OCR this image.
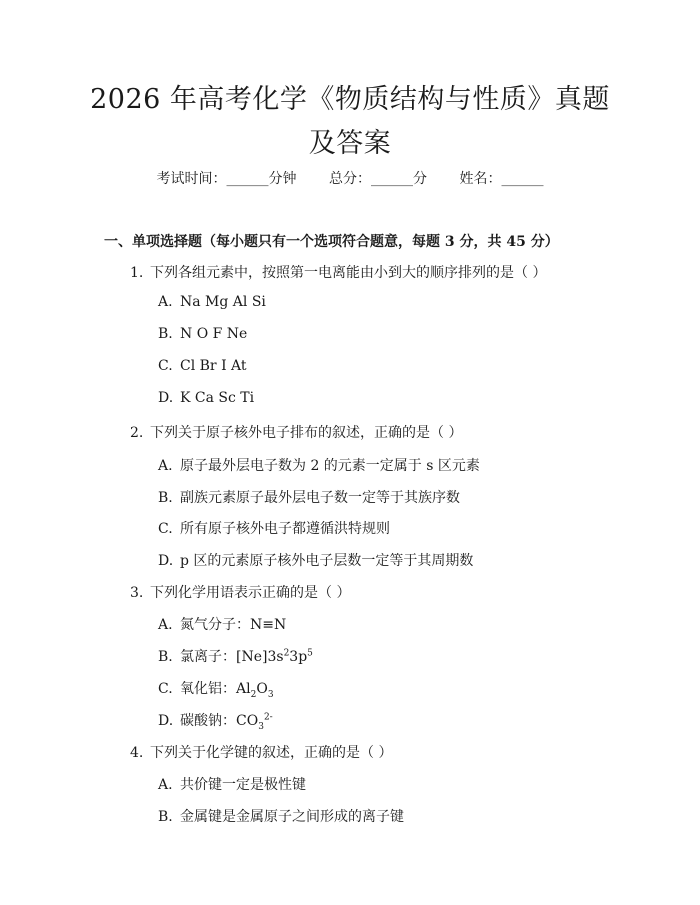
2026 年高考化学《物质结构与性质》真题及答案
考试时间：______分钟 总分：______分 姓名：______
一、单项选择题（每小题只有一个选项符合题意，每题 3 分，共 45 分）
1. 下列各组元素中，按照第一电离能由小到大的顺序排列的是（ ）
A. Na Mg Al Si
B. N O F Ne
C. Cl Br I At
D. K Ca Sc Ti
2. 下列关于原子核外电子排布的叙述，正确的是（ ）
A. 原子最外层电子数为 2 的元素一定属于 s 区元素
B. 副族元素原子最外层电子数一定等于其族序数
C. 所有原子核外电子都遵循洪特规则
D. p 区的元素原子核外电子层数一定等于其周期数
3. 下列化学用语表示正确的是（ ）
A. 氮气分子：N≡N
B. 氯离子：$[Ne]3s^23p^5$
C. 氧化铝：$Al_2O_3$
D. 碳酸钠：$CO_3^{2-}$
4. 下列关于化学键的叙述，正确的是（ ）
A. 共价键一定是极性键
B. 金属键是金属原子之间形成的离子键
